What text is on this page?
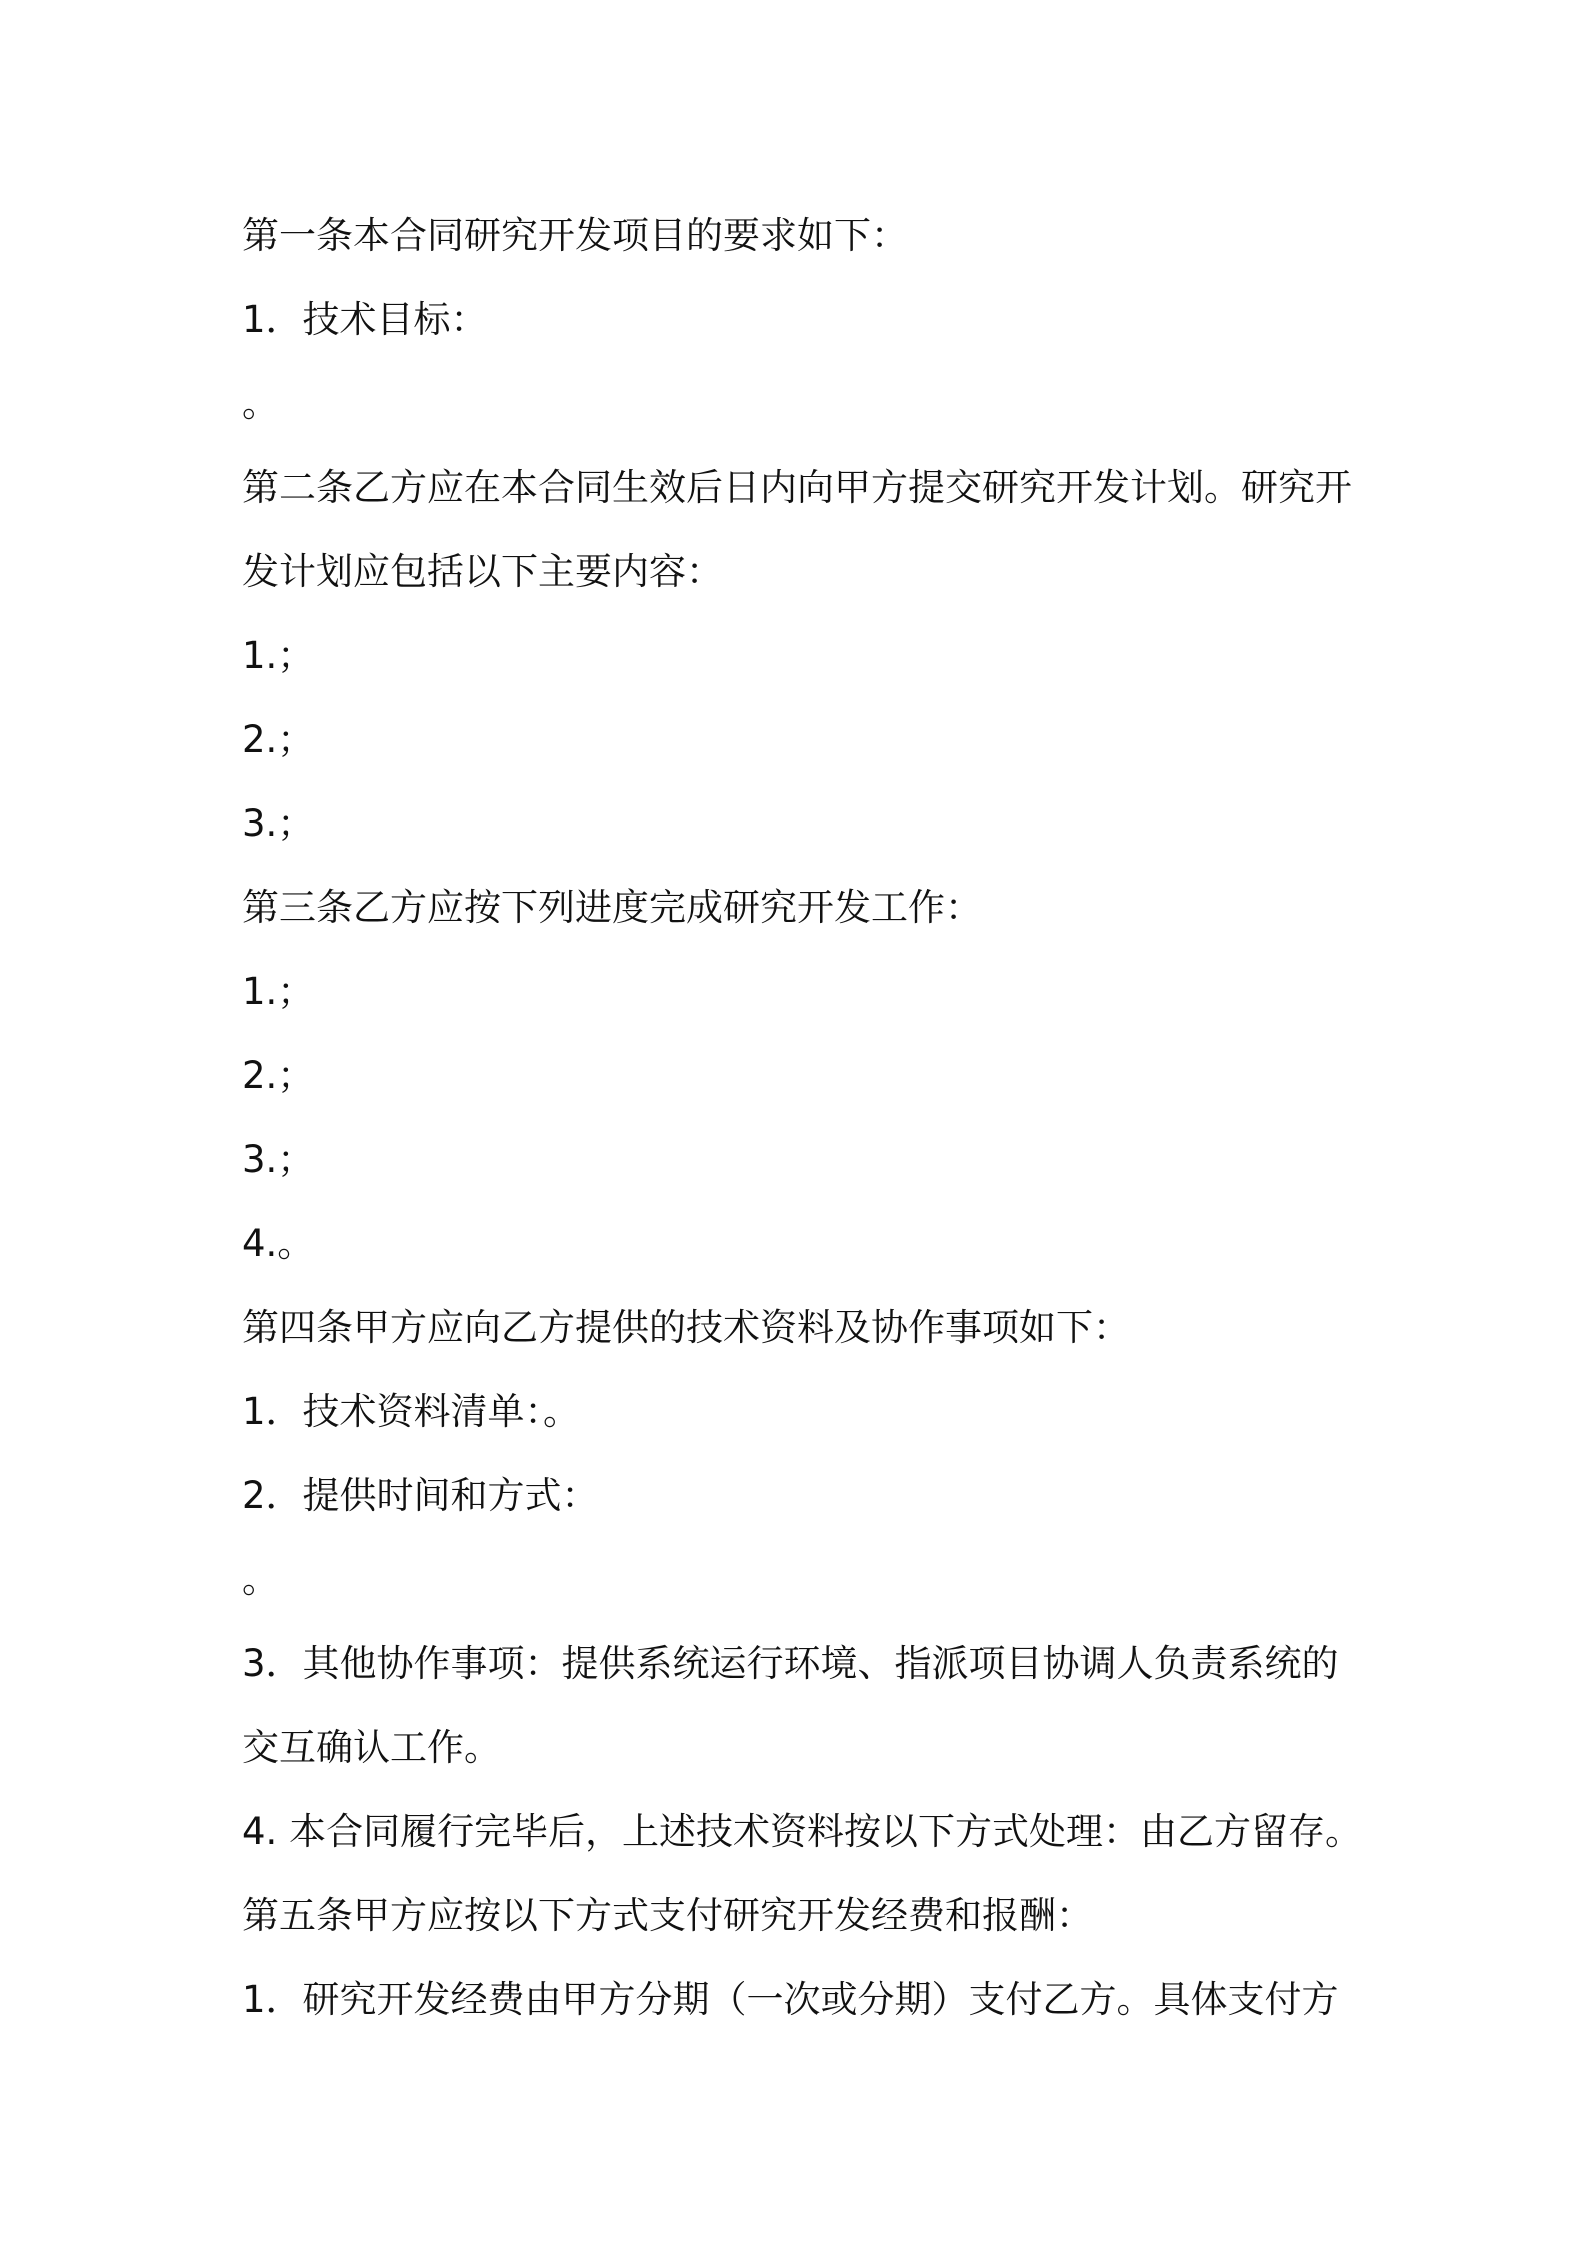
第一条本合同研究开发项目的要求如下：
1．技术目标：
。
第二条乙方应在本合同生效后日内向甲方提交研究开发计划。研究开
发计划应包括以下主要内容：
1.；
2.；
3.；
第三条乙方应按下列进度完成研究开发工作：
1.；
2.；
3.；
4.。
第四条甲方应向乙方提供的技术资料及协作事项如下：
1．技术资料清单：。
2．提供时间和方式：
。
3．其他协作事项：提供系统运行环境、指派项目协调人负责系统的
交互确认工作。
4. 本合同履行完毕后，上述技术资料按以下方式处理：由乙方留存。
第五条甲方应按以下方式支付研究开发经费和报酬：
1．研究开发经费由甲方分期（一次或分期）支付乙方。具体支付方
